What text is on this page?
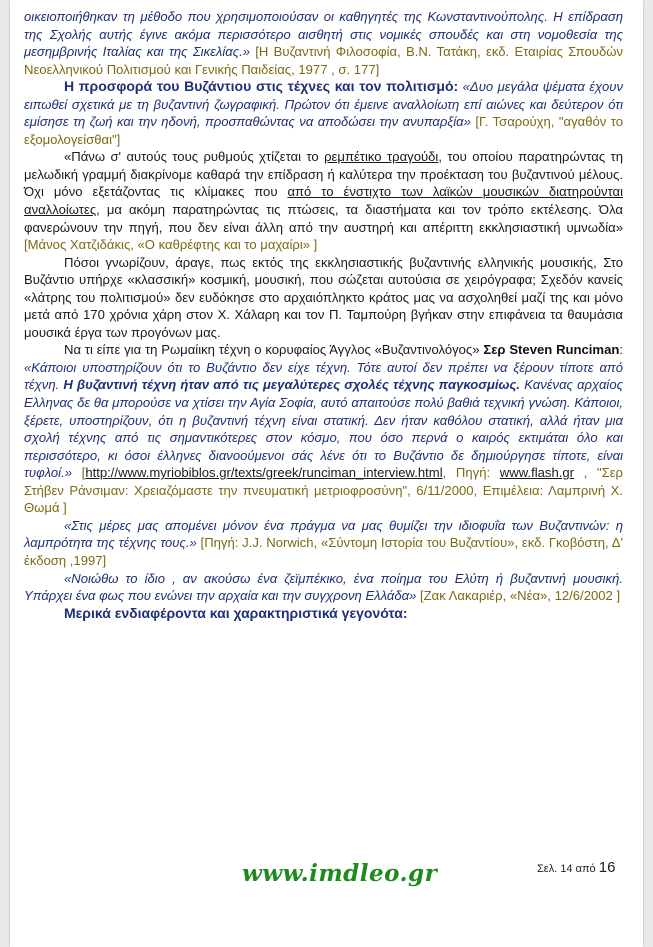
οικειοποιήθηκαν τη μέθοδο που χρησιμοποιούσαν οι καθηγητές της Κωνσταντινούπολης. Η επίδραση της Σχολής αυτής έγινε ακόμα περισσότερο αισθητή στις νομικές σπουδές και στη νομοθεσία της μεσημβρινής Ιταλίας και της Σικελίας.» [Η Βυζαντινή Φιλοσοφία, Β.Ν. Τατάκη, εκδ. Εταιρίας Σπουδών Νεοελληνικού Πολιτισμού και Γενικής Παιδείας, 1977 , σ. 177]

Η προσφορά του Βυζάντιου στις τέχνες και τον πολιτισμό: «Δυο μεγάλα ψέματα έχουν ειπωθεί σχετικά με τη βυζαντινή ζωγραφική. Πρώτον ότι έμεινε αναλλοίωτη επί αιώνες και δεύτερον ότι εμίσησε τη ζωή και την ηδονή, προσπαθώντας να αποδώσει την ανυπαρξία» [Γ. Τσαρούχη, "αγαθόν το εξομολογείσθαι"]

«Πάνω σ' αυτούς τους ρυθμούς χτίζεται το ρεμπέτικο τραγούδι, του οποίου παρατηρώντας τη μελωδική γραμμή διακρίνομε καθαρά την επίδραση ή καλύτερα την προέκταση του βυζαντινού μέλους. Όχι μόνο εξετάζοντας τις κλίμακες που από το ένστιχτο των λαϊκών μουσικών διατηρούνται αναλλοίωτες, μα ακόμη παρατηρώντας τις πτώσεις, τα διαστήματα και τον τρόπο εκτέλεσης. Όλα φανερώνουν την πηγή, που δεν είναι άλλη από την αυστηρή και απέριττη εκκλησιαστική υμνωδία» [Μάνος Χατζιδάκις, «Ο καθρέφτης και το μαχαίρι» ]

Πόσοι γνωρίζουν, άραγε, πως εκτός της εκκλησιαστικής βυζαντινής ελληνικής μουσικής, Στο Βυζάντιο υπήρχε «κλασσική» κοσμική, μουσική, που σώζεται αυτούσια σε χειρόγραφα; Σχεδόν κανείς «λάτρης του πολιτισμού» δεν ευδόκησε στο αρχαιόπληκτο κράτος μας να ασχοληθεί μαζί της και μόνο μετά από 170 χρόνια χάρη στον Χ. Χάλαρη και τον Π. Ταμπούρη βγήκαν στην επιφάνεια τα θαυμάσια μουσικά έργα των προγόνων μας.

Να τι είπε για τη Ρωμαίικη τέχνη ο κορυφαίος Άγγλος «Βυζαντινολόγος» Σερ Steven Runciman: «Κάποιοι υποστηρίζουν ότι το Βυζάντιο δεν είχε τέχνη. Τότε αυτοί δεν πρέπει να ξέρουν τίποτε από τέχνη. Η βυζαντινή τέχνη ήταν από τις μεγαλύτερες σχολές τέχνης παγκοσμίως. Κανένας αρχαίος Ελληνας δε θα μπορούσε να χτίσει την Αγία Σοφία, αυτό απαιτούσε πολύ βαθιά τεχνική γνώση. Κάποιοι, ξέρετε, υποστηρίζουν, ότι η βυζαντινή τέχνη είναι στατική. Δεν ήταν καθόλου στατική, αλλά ήταν μια σχολή τέχνης από τις σημαντικότερες στον κόσμο, που όσο περνά ο καιρός εκτιμάται όλο και περισσότερο, κι όσοι έλληνες διανοούμενοι σάς λένε ότι το Βυζάντιο δε δημιούργησε τίποτε, είναι τυφλοί.» [http://www.myriobiblos.gr/texts/greek/runciman_interview.html, Πηγή: www.flash.gr , "Σερ Στήβεν Ράνσιμαν: Χρειαζόμαστε την πνευματική μετριοφροσύνη", 6/11/2000, Επιμέλεια: Λαμπρινή Χ. Θωμά ]

«Στις μέρες μας απομένει μόνον ένα πράγμα να μας θυμίζει την ιδιοφυΐα των Βυζαντινών: η λαμπρότητα της τέχνης τους.» [Πηγή: J.J. Norwich, «Σύντομη Ιστορία του Βυζαντίου», εκδ. Γκοβόστη, Δ' έκδοση ,1997]

«Νοιώθω το ίδιο , αν ακούσω ένα ζεϊμπέκικο, ένα ποίημα του Ελύτη ή βυζαντινή μουσική. Υπάρχει ένα φως που ενώνει την αρχαία και την συγχρονη Ελλάδα» [Ζακ Λακαριέρ, «Νέα», 12/6/2002 ]

Μερικά ενδιαφέροντα και χαρακτηριστικά γεγονότα:

www.imdleo.gr	Σελ. 14 από 16
